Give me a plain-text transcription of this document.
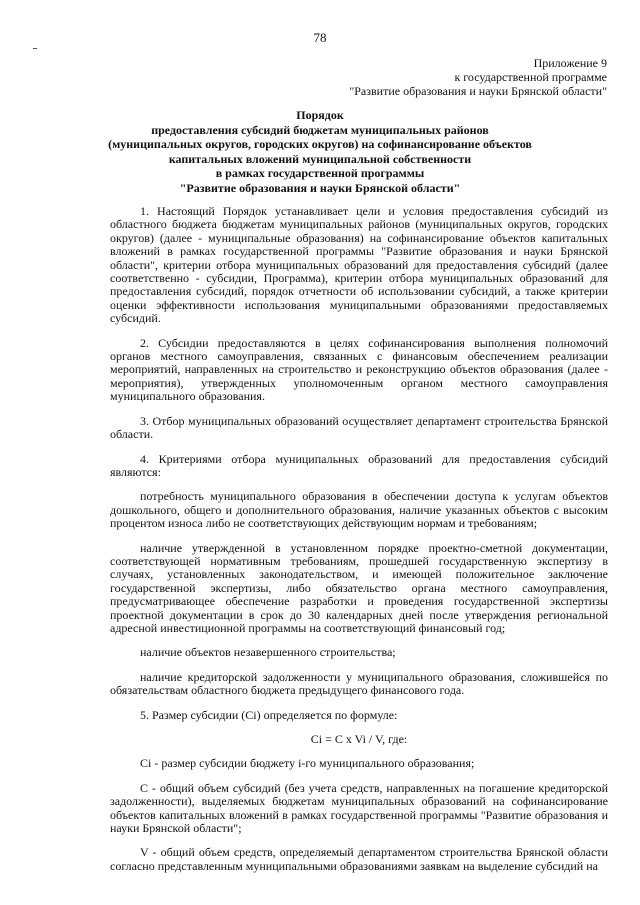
78
Приложение 9
к государственной программе
"Развитие образования и науки Брянской области"
Порядок
предоставления субсидий бюджетам муниципальных районов
(муниципальных округов, городских округов) на софинансирование объектов
капитальных вложений муниципальной собственности
в рамках государственной программы
"Развитие образования и науки Брянской области"

1. Настоящий Порядок устанавливает цели и условия предоставления субсидий из областного бюджета бюджетам муниципальных районов (муниципальных округов, городских округов) (далее - муниципальные образования) на софинансирование объектов капитальных вложений в рамках государственной программы "Развитие образования и науки Брянской области", критерии отбора муниципальных образований для предоставления субсидий (далее соответственно - субсидии, Программа), критерии отбора муниципальных образований для предоставления субсидий, порядок отчетности об использовании субсидий, а также критерии оценки эффективности использования муниципальными образованиями предоставляемых субсидий.

2. Субсидии предоставляются в целях софинансирования выполнения полномочий органов местного самоуправления, связанных с финансовым обеспечением реализации мероприятий, направленных на строительство и реконструкцию объектов образования (далее - мероприятия), утвержденных уполномоченным органом местного самоуправления муниципального образования.

3. Отбор муниципальных образований осуществляет департамент строительства Брянской области.

4. Критериями отбора муниципальных образований для предоставления субсидий являются:

потребность муниципального образования в обеспечении доступа к услугам объектов дошкольного, общего и дополнительного образования, наличие указанных объектов с высоким процентом износа либо не соответствующих действующим нормам и требованиям;

наличие утвержденной в установленном порядке проектно-сметной документации, соответствующей нормативным требованиям, прошедшей государственную экспертизу в случаях, установленных законодательством, и имеющей положительное заключение государственной экспертизы, либо обязательство органа местного самоуправления, предусматривающее обеспечение разработки и проведения государственной экспертизы проектной документации в срок до 30 календарных дней после утверждения региональной адресной инвестиционной программы на соответствующий финансовый год;

наличие объектов незавершенного строительства;

наличие кредиторской задолженности у муниципального образования, сложившейся по обязательствам областного бюджета предыдущего финансового года.

5. Размер субсидии (Ci) определяется по формуле:

Ci = C x Vi / V, где:

Ci - размер субсидии бюджету i-го муниципального образования;

C - общий объем субсидий (без учета средств, направленных на погашение кредиторской задолженности), выделяемых бюджетам муниципальных образований на софинансирование объектов капитальных вложений в рамках государственной программы "Развитие образования и науки Брянской области";

V - общий объем средств, определяемый департаментом строительства Брянской области согласно представленным муниципальными образованиями заявкам на выделение субсидий на
